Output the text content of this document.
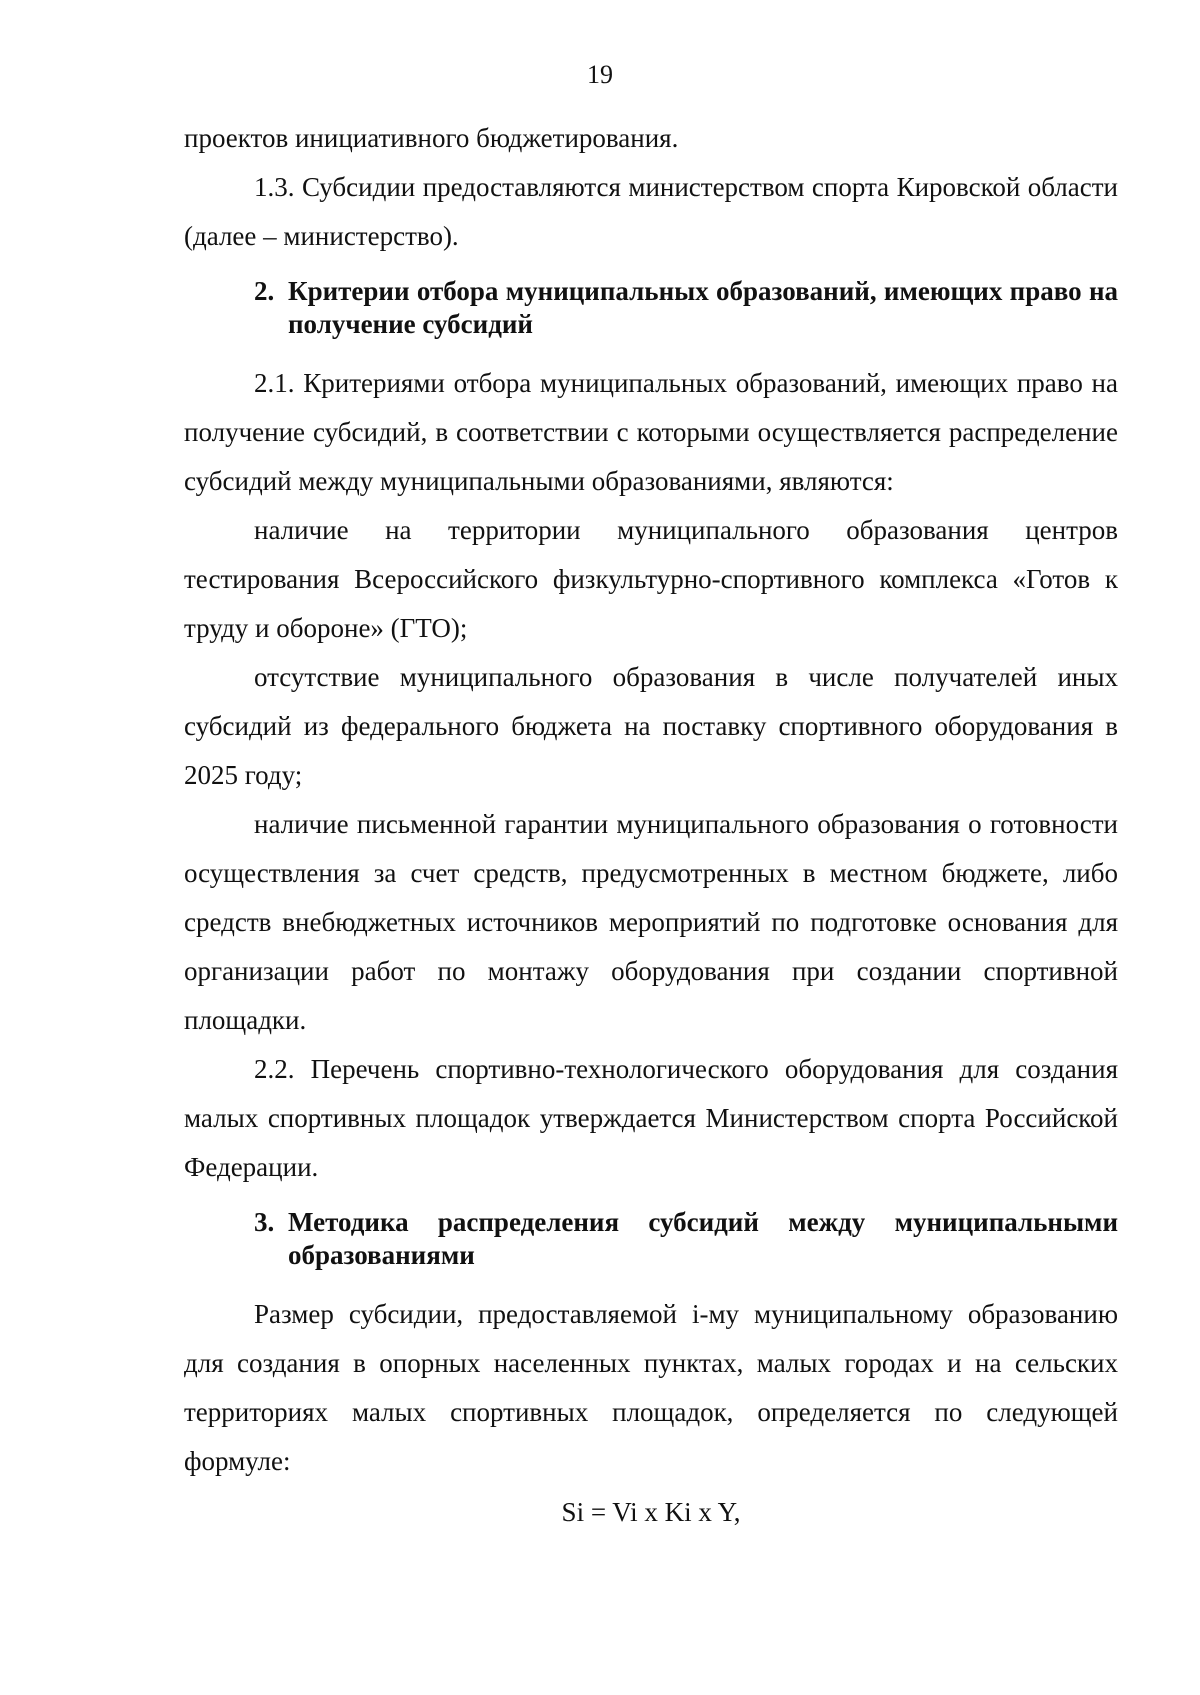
19

проектов инициативного бюджетирования.

1.3. Субсидии предоставляются министерством спорта Кировской области (далее – министерство).

2. Критерии отбора муниципальных образований, имеющих право на получение субсидий

2.1. Критериями отбора муниципальных образований, имеющих право на получение субсидий, в соответствии с которыми осуществляется распределение субсидий между муниципальными образованиями, являются:

наличие на территории муниципального образования центров тестирования Всероссийского физкультурно-спортивного комплекса «Готов к труду и обороне» (ГТО);

отсутствие муниципального образования в числе получателей иных субсидий из федерального бюджета на поставку спортивного оборудования в 2025 году;

наличие письменной гарантии муниципального образования о готовности осуществления за счет средств, предусмотренных в местном бюджете, либо средств внебюджетных источников мероприятий по подготовке основания для организации работ по монтажу оборудования при создании спортивной площадки.

2.2. Перечень спортивно-технологического оборудования для создания малых спортивных площадок утверждается Министерством спорта Российской Федерации.

3. Методика распределения субсидий между муниципальными образованиями

Размер субсидии, предоставляемой i-му муниципальному образованию для создания в опорных населенных пунктах, малых городах и на сельских территориях малых спортивных площадок, определяется по следующей формуле:

Si = Vi x Ki x Y,
